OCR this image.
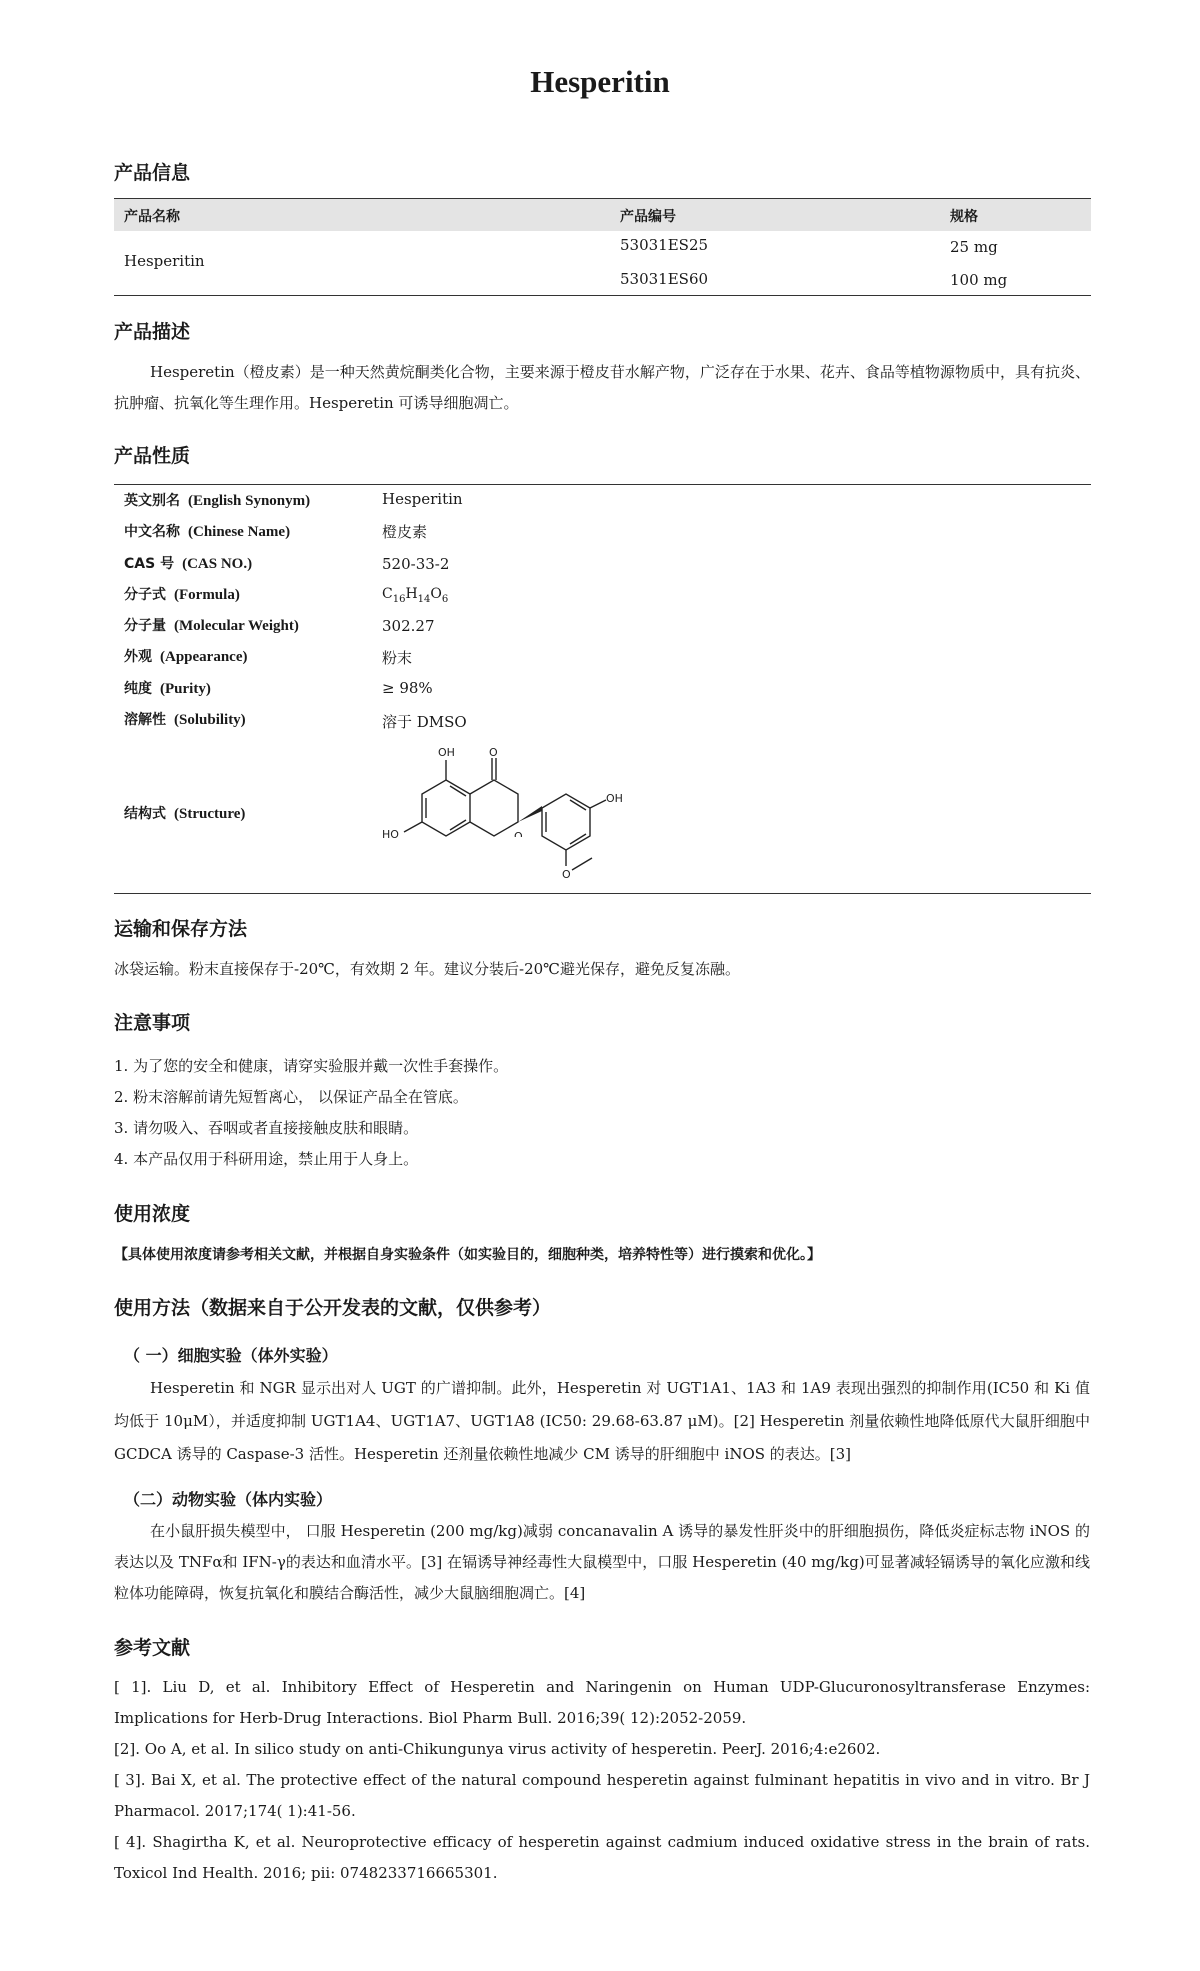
Hesperitin
产品信息
产品名称	产品编号	规格
Hesperitin
53031ES25	25 mg
53031ES60	100 mg
产品描述
Hesperetin（橙皮素）是一种天然黄烷酮类化合物，主要来源于橙皮苷水解产物，广泛存在于水果、花卉、食品等植物源物质中，具有抗炎、抗肿瘤、抗氧化等生理作用。Hesperetin 可诱导细胞凋亡。
产品性质
英文别名 (English Synonym)	Hesperitin
中文名称 (Chinese Name)	橙皮素
CAS 号 (CAS NO.)	520-33-2
分子式 (Formula)	$C_{16}H_{14}O_6$
分子量 (Molecular Weight)	302.27
外观 (Appearance)	粉末
纯度 (Purity)	≥ 98%
溶解性 (Solubility)	溶于 DMSO
结构式 (Structure)
OH	O
HO
OH
O
运输和保存方法
冰袋运输。粉末直接保存于-20℃，有效期 2 年。建议分装后-20℃避光保存，避免反复冻融。
注意事项
1. 为了您的安全和健康，请穿实验服并戴一次性手套操作。
2. 粉末溶解前请先短暂离心， 以保证产品全在管底。
3. 请勿吸入、吞咽或者直接接触皮肤和眼睛。
4. 本产品仅用于科研用途，禁止用于人身上。
使用浓度
【具体使用浓度请参考相关文献，并根据自身实验条件（如实验目的，细胞种类，培养特性等）进行摸索和优化。】
使用方法（数据来自于公开发表的文献，仅供参考）
（ 一）细胞实验（体外实验）
Hesperetin 和 NGR 显示出对人 UGT 的广谱抑制。此外，Hesperetin 对 UGT1A1、1A3 和 1A9 表现出强烈的抑制作用(IC50 和 Ki 值均低于 10μM），并适度抑制 UGT1A4、UGT1A7、UGT1A8 (IC50: 29.68-63.87 μM)。[2] Hesperetin 剂量依赖性地降低原代大鼠肝细胞中 GCDCA 诱导的 Caspase-3 活性。Hesperetin 还剂量依赖性地减少 CM 诱导的肝细胞中 iNOS 的表达。[3]
（二）动物实验（体内实验）
在小鼠肝损失模型中， 口服 Hesperetin (200 mg/kg)减弱 concanavalin A 诱导的暴发性肝炎中的肝细胞损伤，降低炎症标志物 iNOS 的表达以及 TNFα和 IFN-γ的表达和血清水平。[3] 在镉诱导神经毒性大鼠模型中，口服 Hesperetin (40 mg/kg)可显著减轻镉诱导的氧化应激和线粒体功能障碍，恢复抗氧化和膜结合酶活性，减少大鼠脑细胞凋亡。[4]
参考文献
[ 1]. Liu D, et al. Inhibitory Effect of Hesperetin and Naringenin on Human UDP-Glucuronosyltransferase Enzymes: Implications for Herb-Drug Interactions. Biol Pharm Bull. 2016;39( 12):2052-2059.
[2]. Oo A, et al. In silico study on anti-Chikungunya virus activity of hesperetin. PeerJ. 2016;4:e2602.
[ 3]. Bai X, et al. The protective effect of the natural compound hesperetin against fulminant hepatitis in vivo and in vitro. Br J Pharmacol. 2017;174( 1):41-56.
[ 4]. Shagirtha K, et al. Neuroprotective efficacy of hesperetin against cadmium induced oxidative stress in the brain of rats. Toxicol Ind Health. 2016; pii: 0748233716665301.
